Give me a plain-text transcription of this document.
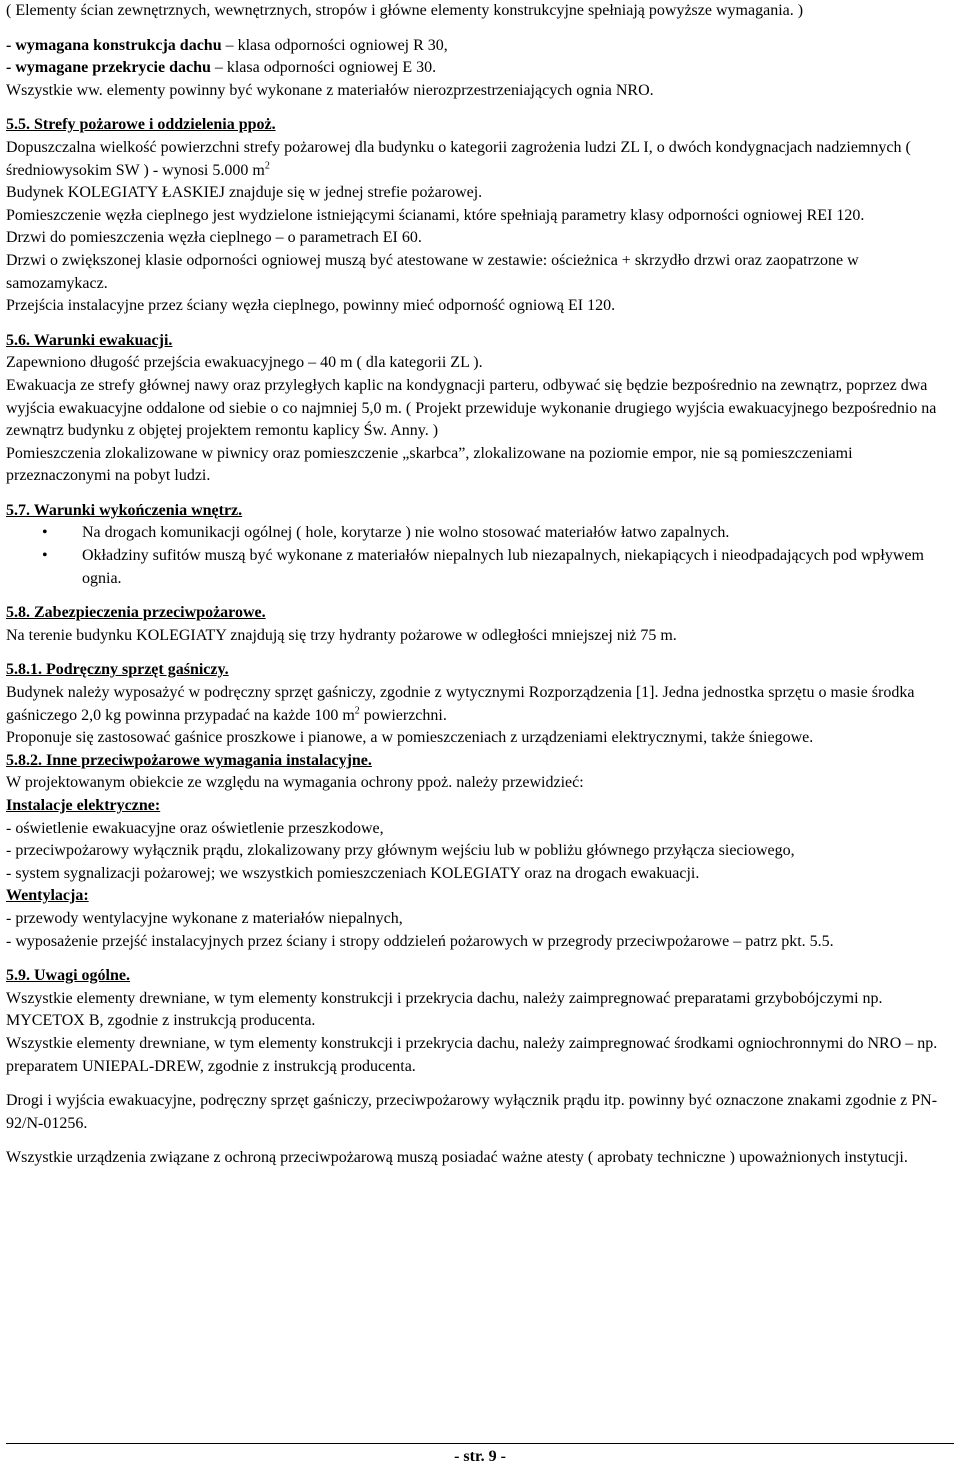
( Elementy ścian zewnętrznych, wewnętrznych, stropów i główne elementy konstrukcyjne spełniają powyższe wymagania. )

- wymagana konstrukcja dachu – klasa odporności ogniowej R 30,

- wymagane przekrycie dachu – klasa odporności ogniowej E 30.

Wszystkie ww. elementy powinny być wykonane z materiałów nierozprzestrzeniających ognia NRO.

5.5. Strefy pożarowe i oddzielenia ppoż.

Dopuszczalna wielkość powierzchni strefy pożarowej dla budynku o kategorii zagrożenia ludzi ZL I, o dwóch kondygnacjach nadziemnych ( średniowysokim SW ) - wynosi 5.000 $m^2$

Budynek KOLEGIATY ŁASKIEJ znajduje się w jednej strefie pożarowej.

Pomieszczenie węzła cieplnego jest wydzielone istniejącymi ścianami, które spełniają parametry klasy odporności ogniowej REI 120.

Drzwi do pomieszczenia węzła cieplnego – o parametrach EI 60.

Drzwi o zwiększonej klasie odporności ogniowej muszą być atestowane w zestawie: ościeżnica + skrzydło drzwi oraz zaopatrzone w samozamykacz.

Przejścia instalacyjne przez ściany węzła cieplnego, powinny mieć odporność ogniową EI 120.

5.6. Warunki ewakuacji.

Zapewniono długość przejścia ewakuacyjnego – 40 m ( dla kategorii ZL ).

Ewakuacja ze strefy głównej nawy oraz przyległych kaplic na kondygnacji parteru, odbywać się będzie bezpośrednio na zewnątrz, poprzez dwa wyjścia ewakuacyjne oddalone od siebie o co najmniej 5,0 m. ( Projekt przewiduje wykonanie drugiego wyjścia ewakuacyjnego bezpośrednio na zewnątrz budynku z objętej projektem remontu kaplicy Św. Anny. )

Pomieszczenia zlokalizowane w piwnicy oraz pomieszczenie „skarbca”, zlokalizowane na poziomie empor, nie są pomieszczeniami przeznaczonymi na pobyt ludzi.

5.7. Warunki wykończenia wnętrz.

• Na drogach komunikacji ogólnej ( hole, korytarze ) nie wolno stosować materiałów łatwo zapalnych.
• Okładziny sufitów muszą być wykonane z materiałów niepalnych lub niezapalnych, niekapiących i nieodpadających pod wpływem ognia.

5.8. Zabezpieczenia przeciwpożarowe.

Na terenie budynku KOLEGIATY znajdują się trzy hydranty pożarowe w odległości mniejszej niż 75 m.

5.8.1. Podręczny sprzęt gaśniczy.

Budynek należy wyposażyć w podręczny sprzęt gaśniczy, zgodnie z wytycznymi Rozporządzenia [1]. Jedna jednostka sprzętu o masie środka gaśniczego 2,0 kg powinna przypadać na każde 100 $m^2$ powierzchni.

Proponuje się zastosować gaśnice proszkowe i pianowe, a w pomieszczeniach z urządzeniami elektrycznymi, także śniegowe.

5.8.2. Inne przeciwpożarowe wymagania instalacyjne.

W projektowanym obiekcie ze względu na wymagania ochrony ppoż. należy przewidzieć:

Instalacje elektryczne:

- oświetlenie ewakuacyjne oraz oświetlenie przeszkodowe,

- przeciwpożarowy wyłącznik prądu, zlokalizowany przy głównym wejściu lub w pobliżu głównego przyłącza sieciowego,

- system sygnalizacji pożarowej; we wszystkich pomieszczeniach KOLEGIATY oraz na drogach ewakuacji.

Wentylacja:

- przewody wentylacyjne wykonane z materiałów niepalnych,

- wyposażenie przejść instalacyjnych przez ściany i stropy oddzieleń pożarowych w przegrody przeciwpożarowe – patrz pkt. 5.5.

5.9. Uwagi ogólne.

Wszystkie elementy drewniane, w tym elementy konstrukcji i przekrycia dachu, należy zaimpregnować preparatami grzybobójczymi np. MYCETOX B, zgodnie z instrukcją producenta.

Wszystkie elementy drewniane, w tym elementy konstrukcji i przekrycia dachu, należy zaimpregnować środkami ogniochronnymi do NRO – np. preparatem UNIEPAL-DREW, zgodnie z instrukcją producenta.

Drogi i wyjścia ewakuacyjne, podręczny sprzęt gaśniczy, przeciwpożarowy wyłącznik prądu itp. powinny być oznaczone znakami zgodnie z PN-92/N-01256.

Wszystkie urządzenia związane z ochroną przeciwpożarową muszą posiadać ważne atesty ( aprobaty techniczne ) upoważnionych instytucji.

- str. 9 -
